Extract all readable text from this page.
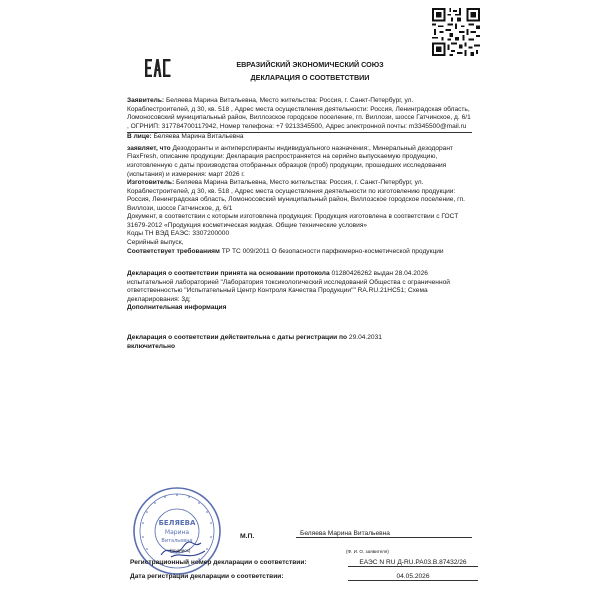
ЕВРАЗИЙСКИЙ ЭКОНОМИЧЕСКИЙ СОЮЗ

ДЕКЛАРАЦИЯ О СООТВЕТСТВИИ

Заявитель: Беляева Марина Витальевна, Место жительства: Россия, г. Санкт-Петербург, ул. Кораблестроителей, д 30, кв. 518 , Адрес места осуществления деятельности: Россия, Ленинградская область, Ломоносовский муниципальный район, Виллозское городское поселение, гп. Виллози, шоссе Гатчинское, д. 6/1 , ОГРНИП: 317784700117942, Номер телефона: +7 9213345500, Адрес электронной почты: m3345500@mail.ru

В лице: Беляева Марина Витальевна

заявляет, что Дезодоранты и антиперспиранты индивидуального назначения:, Минеральный дезодорант FlaxFresh, описание продукции: Декларация распространяется на серийно выпускаемую продукцию, изготовленную с даты производства отобранных образцов (проб) продукции, прошедших исследования (испытания) и измерения: март 2026 г.

Изготовитель: Беляева Марина Витальевна, Место жительства: Россия, г. Санкт-Петербург, ул. Кораблестроителей, д 30, кв. 518 , Адрес места осуществления деятельности по изготовлению продукции: Россия, Ленинградская область, Ломоносовский муниципальный район, Виллозское городское поселение, гп. Виллози, шоссе Гатчинское, д. 6/1

Документ, в соответствии с которым изготовлена продукция: Продукция изготовлена в соответствии с ГОСТ 31679-2012 «Продукция косметическая жидкая. Общие технические условия»

Коды ТН ВЭД ЕАЭС: 3307200000

Серийный выпуск,

Соответствует требованиям ТР ТС 009/2011 О безопасности парфюмерно-косметической продукции

Декларация о соответствии принята на основании протокола 01280426262 выдан 28.04.2026 испытательной лабораторией "Лаборатория токсикологический исследований Общества с ограниченной ответственностью "Испытательный Центр Контроля Качества Продукции"" RA.RU.21НС51; Схема декларирования: 3д;

Дополнительная информация

Декларация о соответствии действительна с даты регистрации по 29.04.2031
включительно

БЕЛЯЕВА
Марина
Витальевна
М.П.	Беляева Марина Витальевна
(подпись)	(Ф. И. О. заявителя)
Регистрационный номер декларации о соответствии:	ЕАЭС N RU Д-RU.РА03.В.87432/26
Дата регистрации декларации о соответствии:	04.05.2026
